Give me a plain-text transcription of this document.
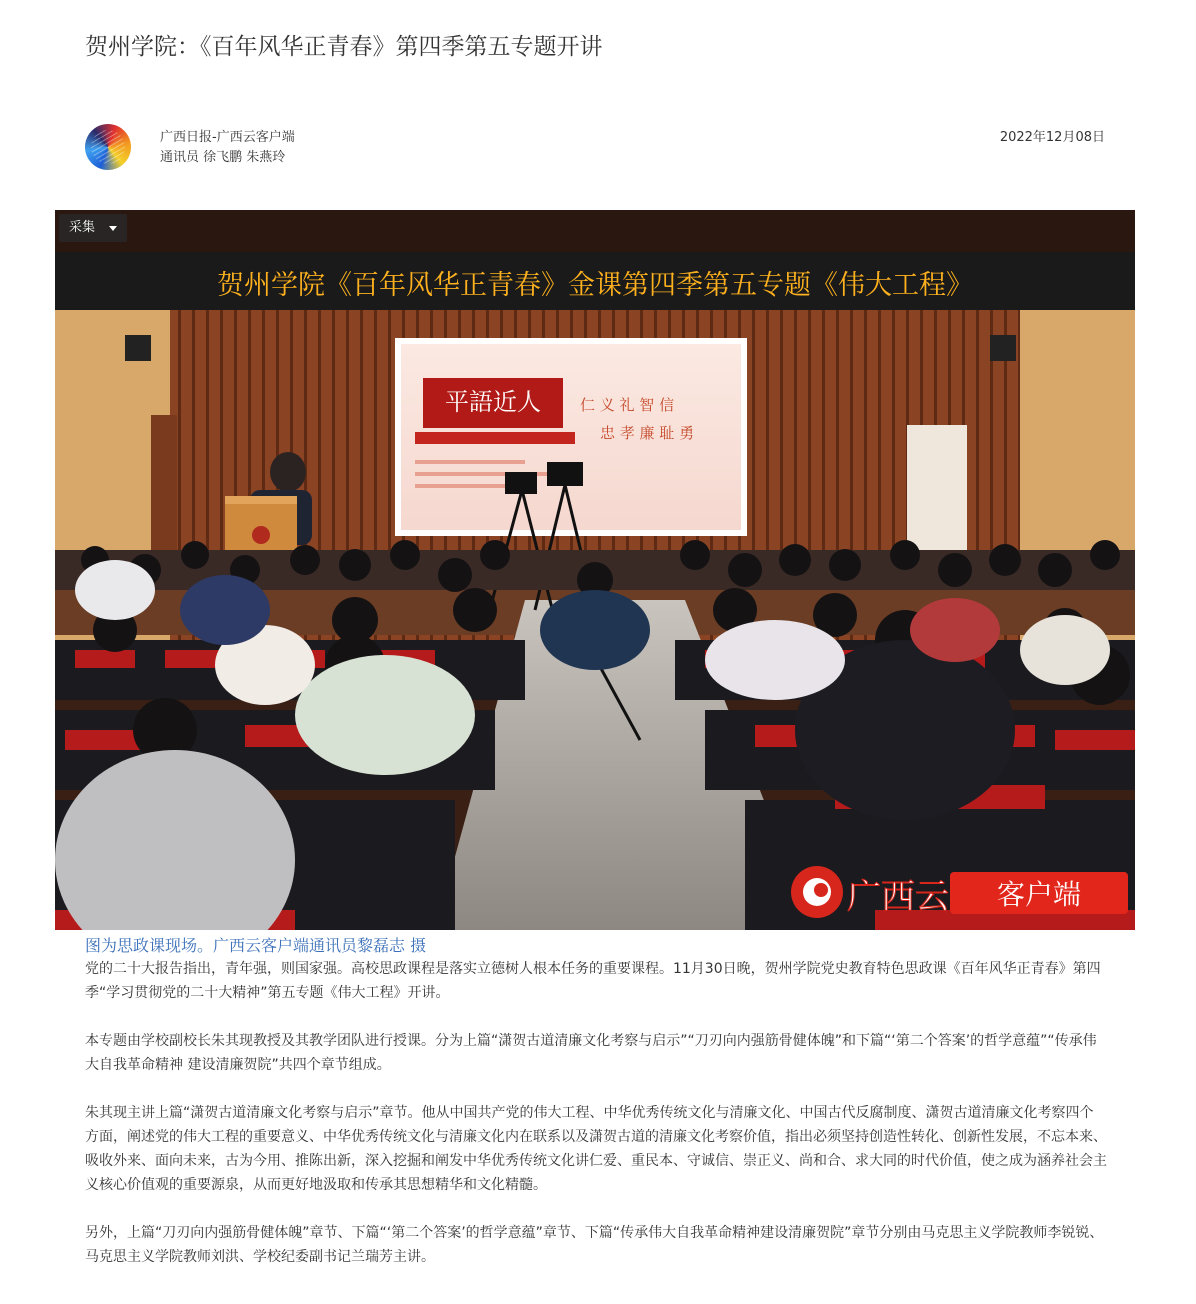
贺州学院：《百年风华正青春》第四季第五专题开讲
广西日报-广西云客户端
通讯员 徐飞鹏 朱燕玲
2022年12月08日
贺州学院《百年风华正青春》金课第四季第五专题《伟大工程》
平語近人	仁 义 礼 智 信
忠 孝 廉 耻 勇
广西云 客户端
采集
图为思政课现场。广西云客户端通讯员黎磊志 摄

党的二十大报告指出，青年强，则国家强。高校思政课程是落实立德树人根本任务的重要课程。11月30日晚，贺州学院党史教育特色思政课《百年风华正青春》第四季“学习贯彻党的二十大精神”第五专题《伟大工程》开讲。

本专题由学校副校长朱其现教授及其教学团队进行授课。分为上篇“潇贺古道清廉文化考察与启示”“刀刃向内强筋骨健体魄”和下篇“‘第二个答案’的哲学意蕴”“传承伟大自我革命精神 建设清廉贺院”共四个章节组成。

朱其现主讲上篇“潇贺古道清廉文化考察与启示”章节。他从中国共产党的伟大工程、中华优秀传统文化与清廉文化、中国古代反腐制度、潇贺古道清廉文化考察四个方面，阐述党的伟大工程的重要意义、中华优秀传统文化与清廉文化内在联系以及潇贺古道的清廉文化考察价值，指出必须坚持创造性转化、创新性发展，不忘本来、吸收外来、面向未来，古为今用、推陈出新，深入挖掘和阐发中华优秀传统文化讲仁爱、重民本、守诚信、崇正义、尚和合、求大同的时代价值，使之成为涵养社会主义核心价值观的重要源泉，从而更好地汲取和传承其思想精华和文化精髓。

另外，上篇“刀刃向内强筋骨健体魄”章节、下篇“‘第二个答案’的哲学意蕴”章节、下篇“传承伟大自我革命精神建设清廉贺院”章节分别由马克思主义学院教师李锐锐、马克思主义学院教师刘洪、学校纪委副书记兰瑞芳主讲。
